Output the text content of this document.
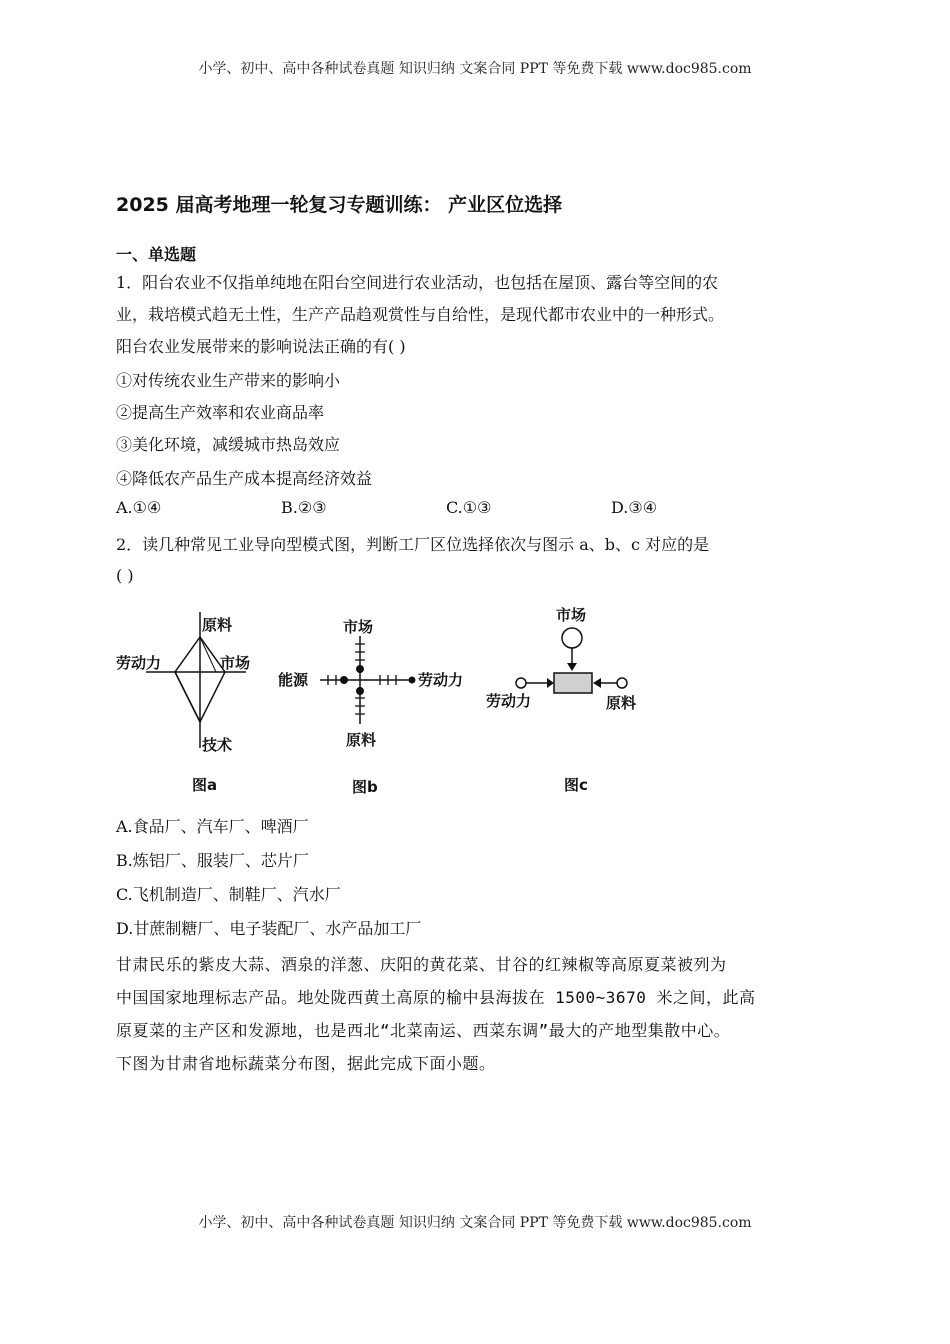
小学、初中、高中各种试卷真题 知识归纳 文案合同 PPT 等免费下载 www.doc985.com
2025 届高考地理一轮复习专题训练： 产业区位选择
一、单选题
1．阳台农业不仅指单纯地在阳台空间进行农业活动，也包括在屋顶、露台等空间的农
业，栽培模式趋无土性，生产产品趋观赏性与自给性，是现代都市农业中的一种形式。
阳台农业发展带来的影响说法正确的有( )
①对传统农业生产带来的影响小
②提高生产效率和农业商品率
③美化环境，减缓城市热岛效应
④降低农产品生产成本提高经济效益
A.①④	B.②③	C.①③	D.③④
2．读几种常见工业导向型模式图，判断工厂区位选择依次与图示 a、b、c 对应的是
( )
原料
劳动力	市场
技术
图a
市场
能源	劳动力
原料
图b
市场
劳动力	原料
图c
A.食品厂、汽车厂、啤酒厂
B.炼铝厂、服装厂、芯片厂
C.飞机制造厂、制鞋厂、汽水厂
D.甘蔗制糖厂、电子装配厂、水产品加工厂
甘肃民乐的紫皮大蒜、酒泉的洋葱、庆阳的黄花菜、甘谷的红辣椒等高原夏菜被列为
中国国家地理标志产品。地处陇西黄土高原的榆中县海拔在 1500~3670 米之间，此高
原夏菜的主产区和发源地，也是西北“北菜南运、西菜东调”最大的产地型集散中心。
下图为甘肃省地标蔬菜分布图，据此完成下面小题。
小学、初中、高中各种试卷真题 知识归纳 文案合同 PPT 等免费下载 www.doc985.com
